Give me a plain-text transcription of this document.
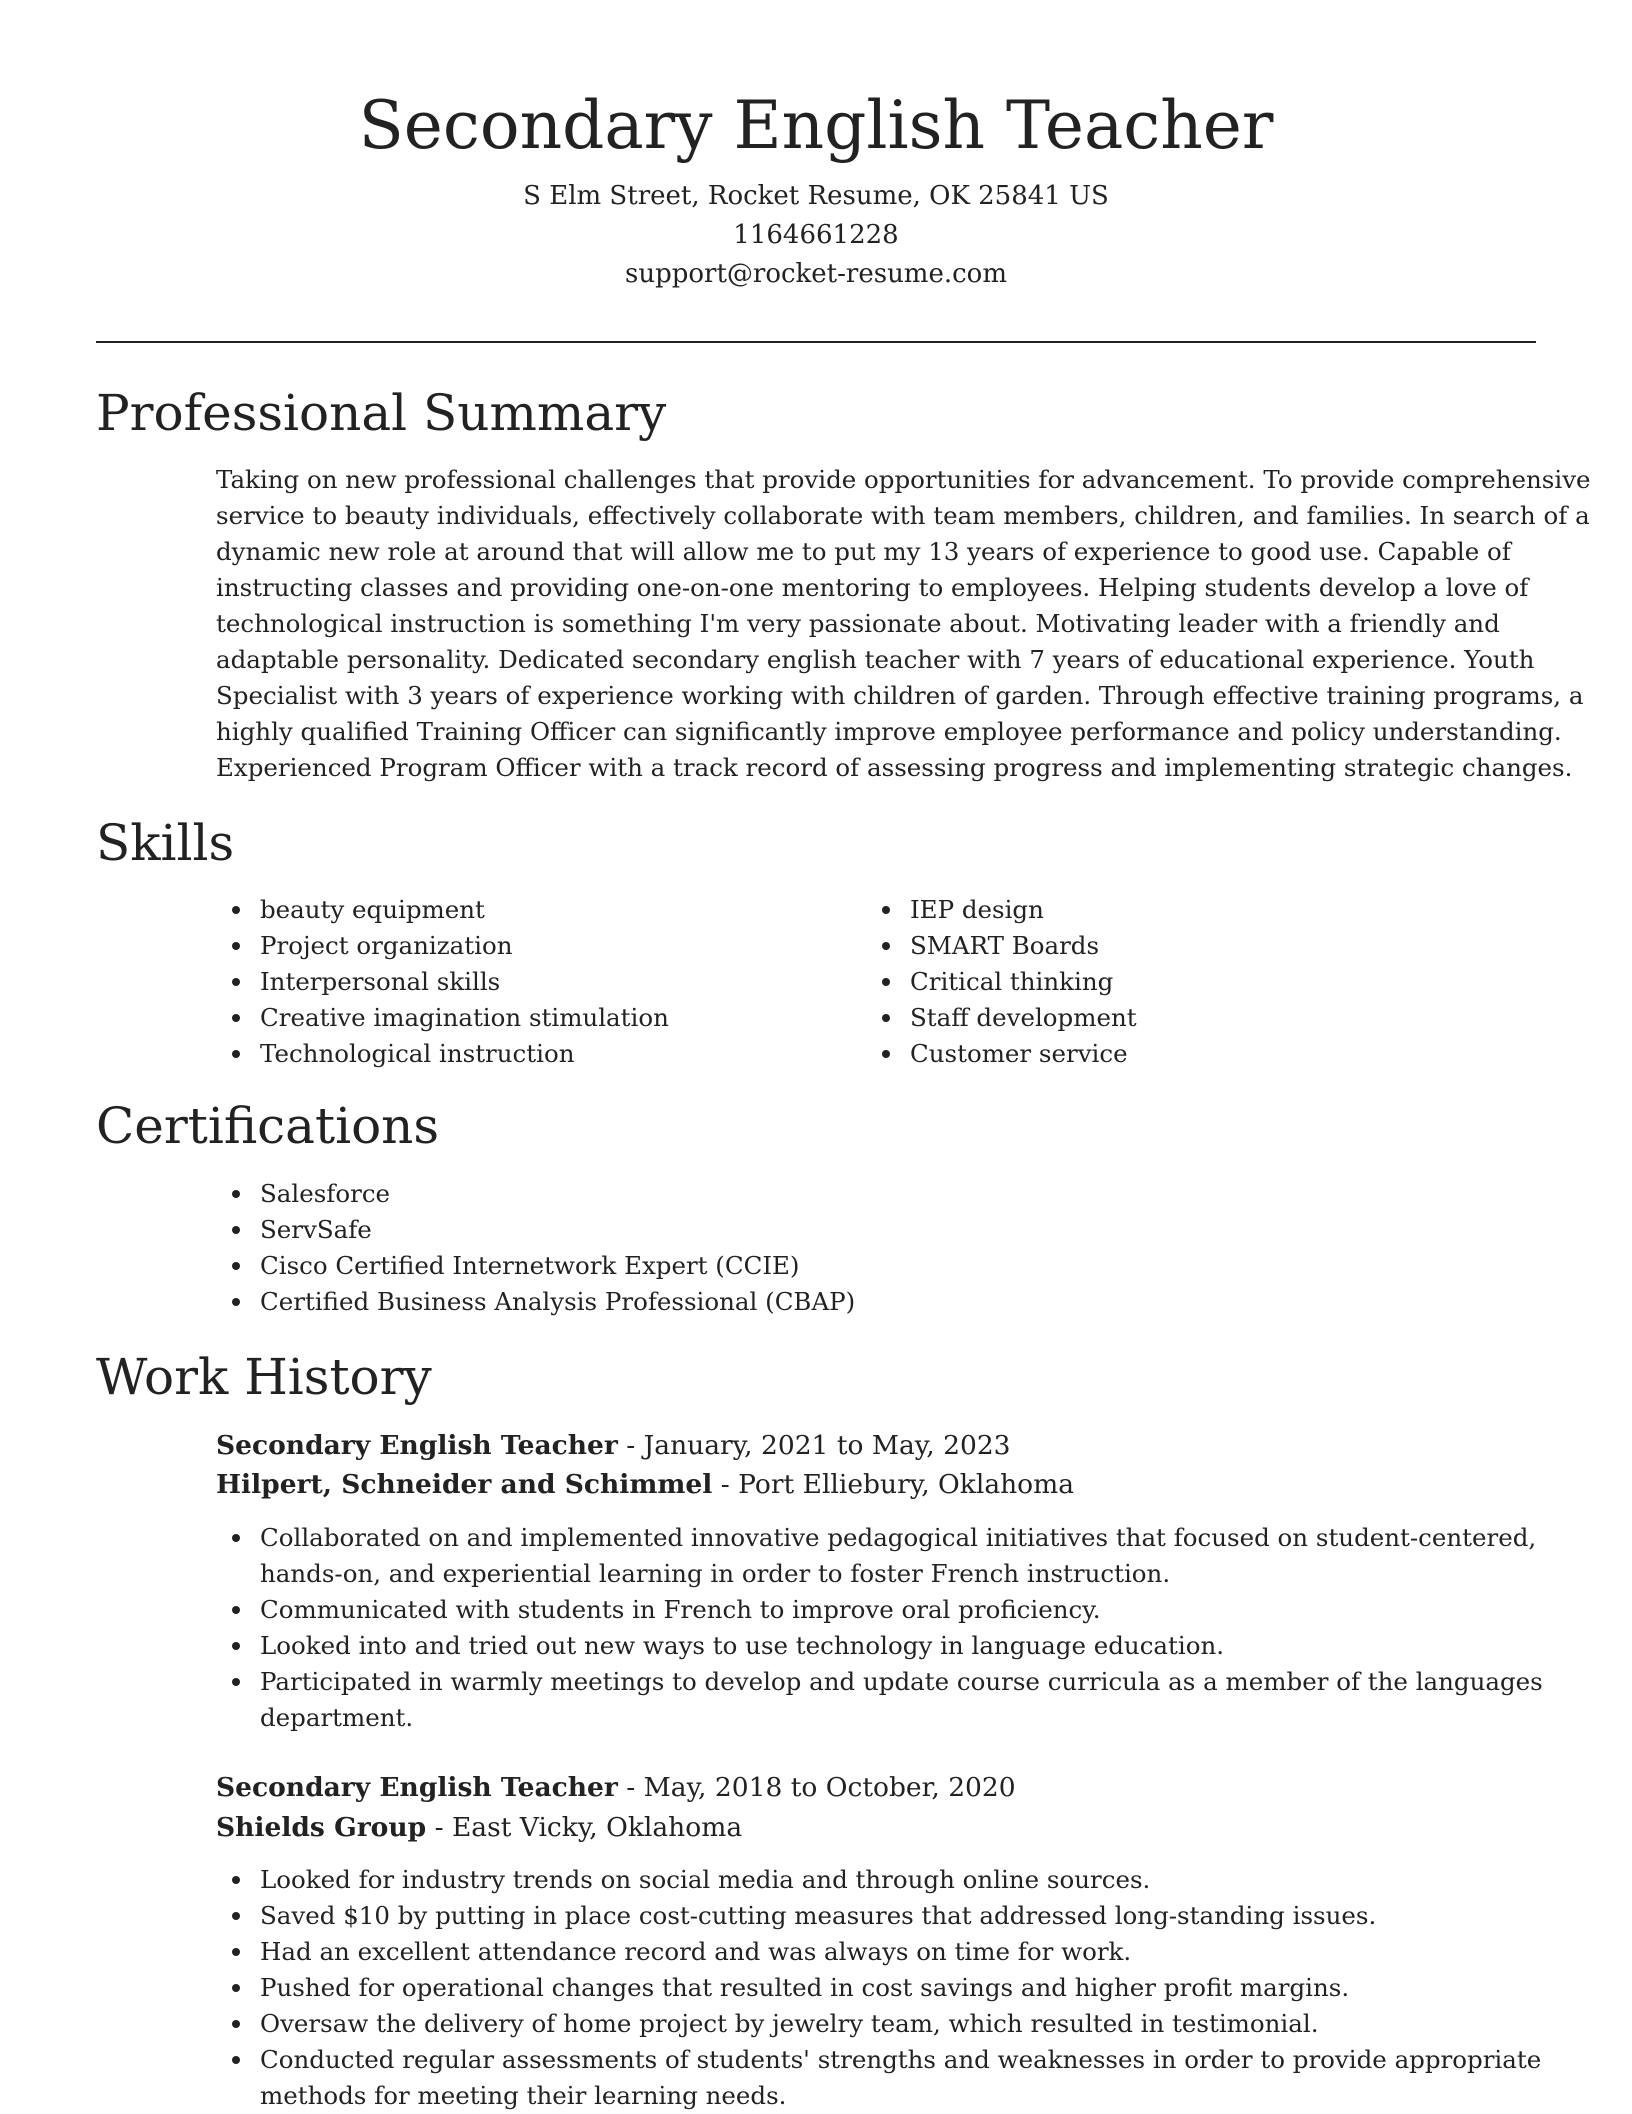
Secondary English Teacher
S Elm Street, Rocket Resume, OK 25841 US
1164661228
support@rocket-resume.com
Professional Summary

Taking on new professional challenges that provide opportunities for advancement. To provide comprehensive
service to beauty individuals, effectively collaborate with team members, children, and families. In search of a
dynamic new role at around that will allow me to put my 13 years of experience to good use. Capable of
instructing classes and providing one-on-one mentoring to employees. Helping students develop a love of
technological instruction is something I'm very passionate about. Motivating leader with a friendly and
adaptable personality. Dedicated secondary english teacher with 7 years of educational experience. Youth
Specialist with 3 years of experience working with children of garden. Through effective training programs, a
highly qualified Training Officer can significantly improve employee performance and policy understanding.
Experienced Program Officer with a track record of assessing progress and implementing strategic changes.

Skills
beauty equipment
Project organization
Interpersonal skills
Creative imagination stimulation
Technological instruction
IEP design
SMART Boards
Critical thinking
Staff development
Customer service
Certifications
Salesforce
ServSafe
Cisco Certified Internetwork Expert (CCIE)
Certified Business Analysis Professional (CBAP)
Work History
Secondary English Teacher - January, 2021 to May, 2023
Hilpert, Schneider and Schimmel - Port Elliebury, Oklahoma
Collaborated on and implemented innovative pedagogical initiatives that focused on student-centered,
hands-on, and experiential learning in order to foster French instruction.
Communicated with students in French to improve oral proficiency.
Looked into and tried out new ways to use technology in language education.
Participated in warmly meetings to develop and update course curricula as a member of the languages
department.
Secondary English Teacher - May, 2018 to October, 2020
Shields Group - East Vicky, Oklahoma
Looked for industry trends on social media and through online sources.
Saved $10 by putting in place cost-cutting measures that addressed long-standing issues.
Had an excellent attendance record and was always on time for work.
Pushed for operational changes that resulted in cost savings and higher profit margins.
Oversaw the delivery of home project by jewelry team, which resulted in testimonial.
Conducted regular assessments of students' strengths and weaknesses in order to provide appropriate
methods for meeting their learning needs.
